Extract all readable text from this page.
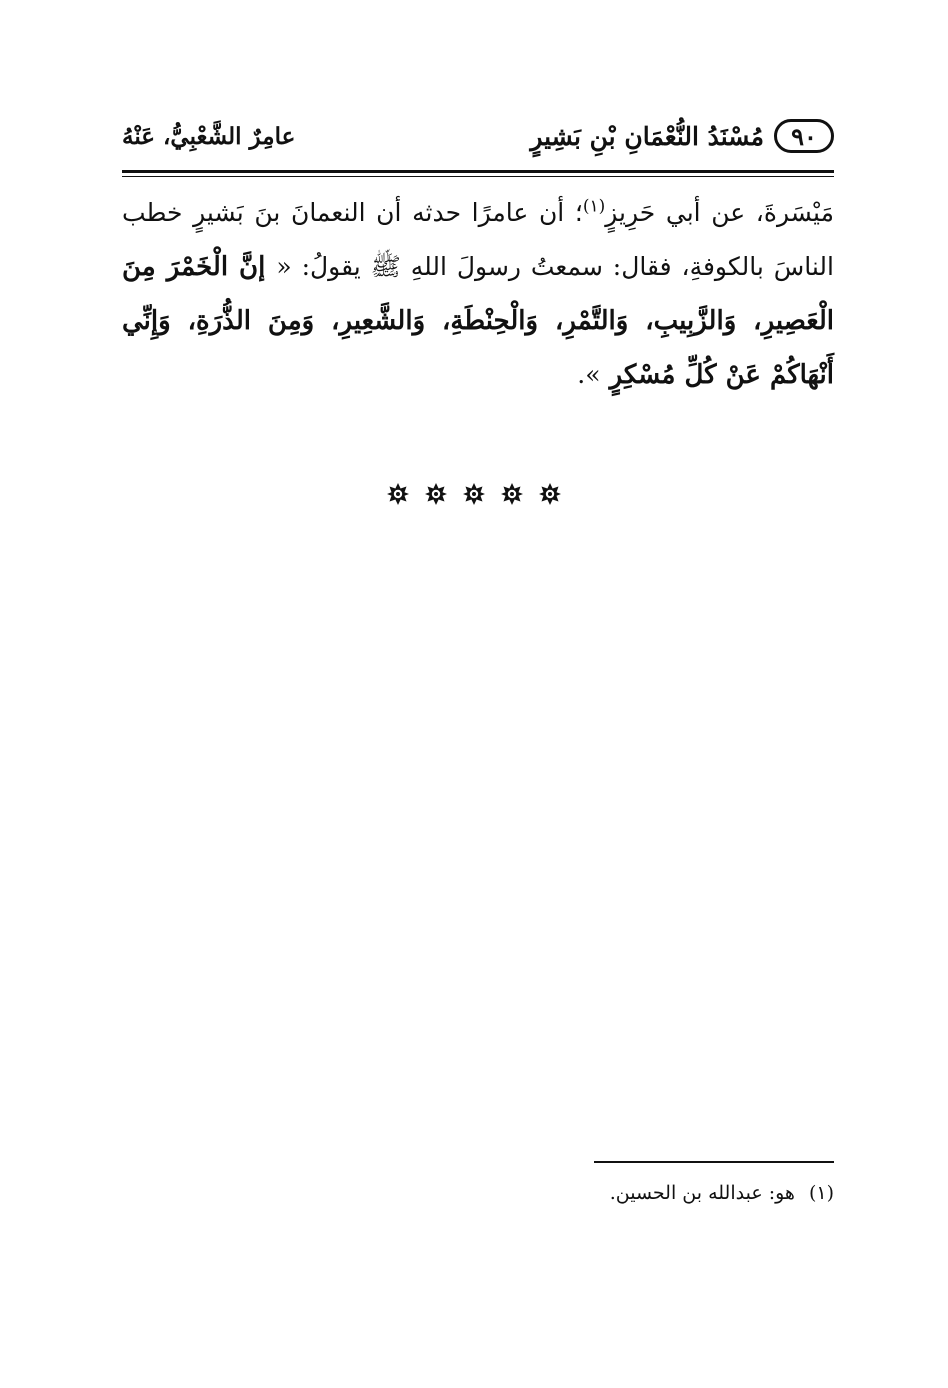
٩٠
مُسْنَدُ النُّعْمَانِ بْنِ بَشِيرٍ
عامِرٌ الشَّعْبِيُّ، عَنْهُ
مَيْسَرةَ، عن أبي حَرِيزٍ$^{(١)}$؛ أن عامرًا حدثه أن النعمانَ بنَ بَشيرٍ خطب الناسَ بالكوفةِ، فقال: سمعتُ رسولَ اللهِ ﷺ يقولُ: « إنَّ الْخَمْرَ مِنَ الْعَصِيرِ، وَالزَّبِيبِ، وَالتَّمْرِ، وَالْحِنْطَةِ، وَالشَّعِيرِ، وَمِنَ الذُّرَةِ، وَإِنِّي أَنْهَاكُمْ عَنْ كُلِّ مُسْكِرٍ ».
(١)هو: عبدالله بن الحسين.
